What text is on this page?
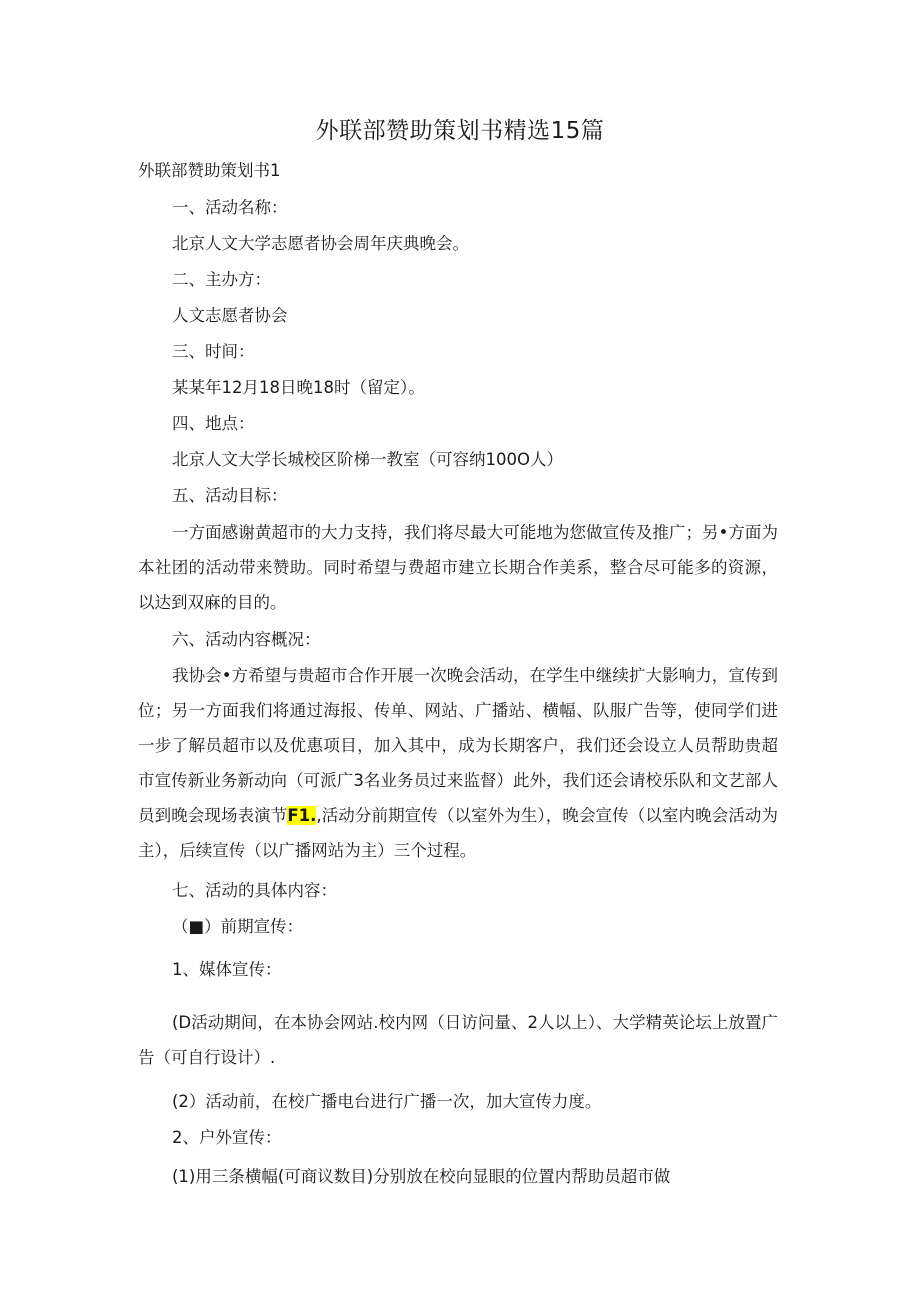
外联部赞助策划书精选15篇

外联部赞助策划书1

一、活动名称：

北京人文大学志愿者协会周年庆典晚会。

二、主办方：

人文志愿者协会

三、时间：

某某年12月18日晚18时（留定）。

四、地点：

北京人文大学长城校区阶梯一教室（可容纳100O人）

五、活动目标：

一方面感谢黄超市的大力支持，我们将尽最大可能地为您做宣传及推广；另•方面为本社团的活动带来赞助。同时希望与费超市建立长期合作美系，整合尽可能多的资源，以达到双麻的目的。

六、活动内容概况：

我协会•方希望与贵超市合作开展一次晚会活动，在学生中继续扩大影响力，宣传到位；另一方面我们将通过海报、传单、网站、广播站、横幅、队服广告等，使同学们进一步了解员超市以及优惠项目，加入其中，成为长期客户，我们还会设立人员帮助贵超市宣传新业务新动向（可派广3名业务员过来监督）此外，我们还会请校乐队和文艺部人员到晚会现场表演节F1.,活动分前期宣传（以室外为生），晚会宣传（以室内晚会活动为主），后续宣传（以广播网站为主）三个过程。

七、活动的具体内容：

（■）前期宣传：

1、媒体宣传：

(D活动期间，在本协会网站.校内网（日访问量、2人以上）、大学精英论坛上放置广告（可自行设计）.

(2）活动前，在校广播电台进行广播一次，加大宣传力度。

2、户外宣传：

(1)用三条横幅(可商议数目)分别放在校向显眼的位置内帮助员超市做
